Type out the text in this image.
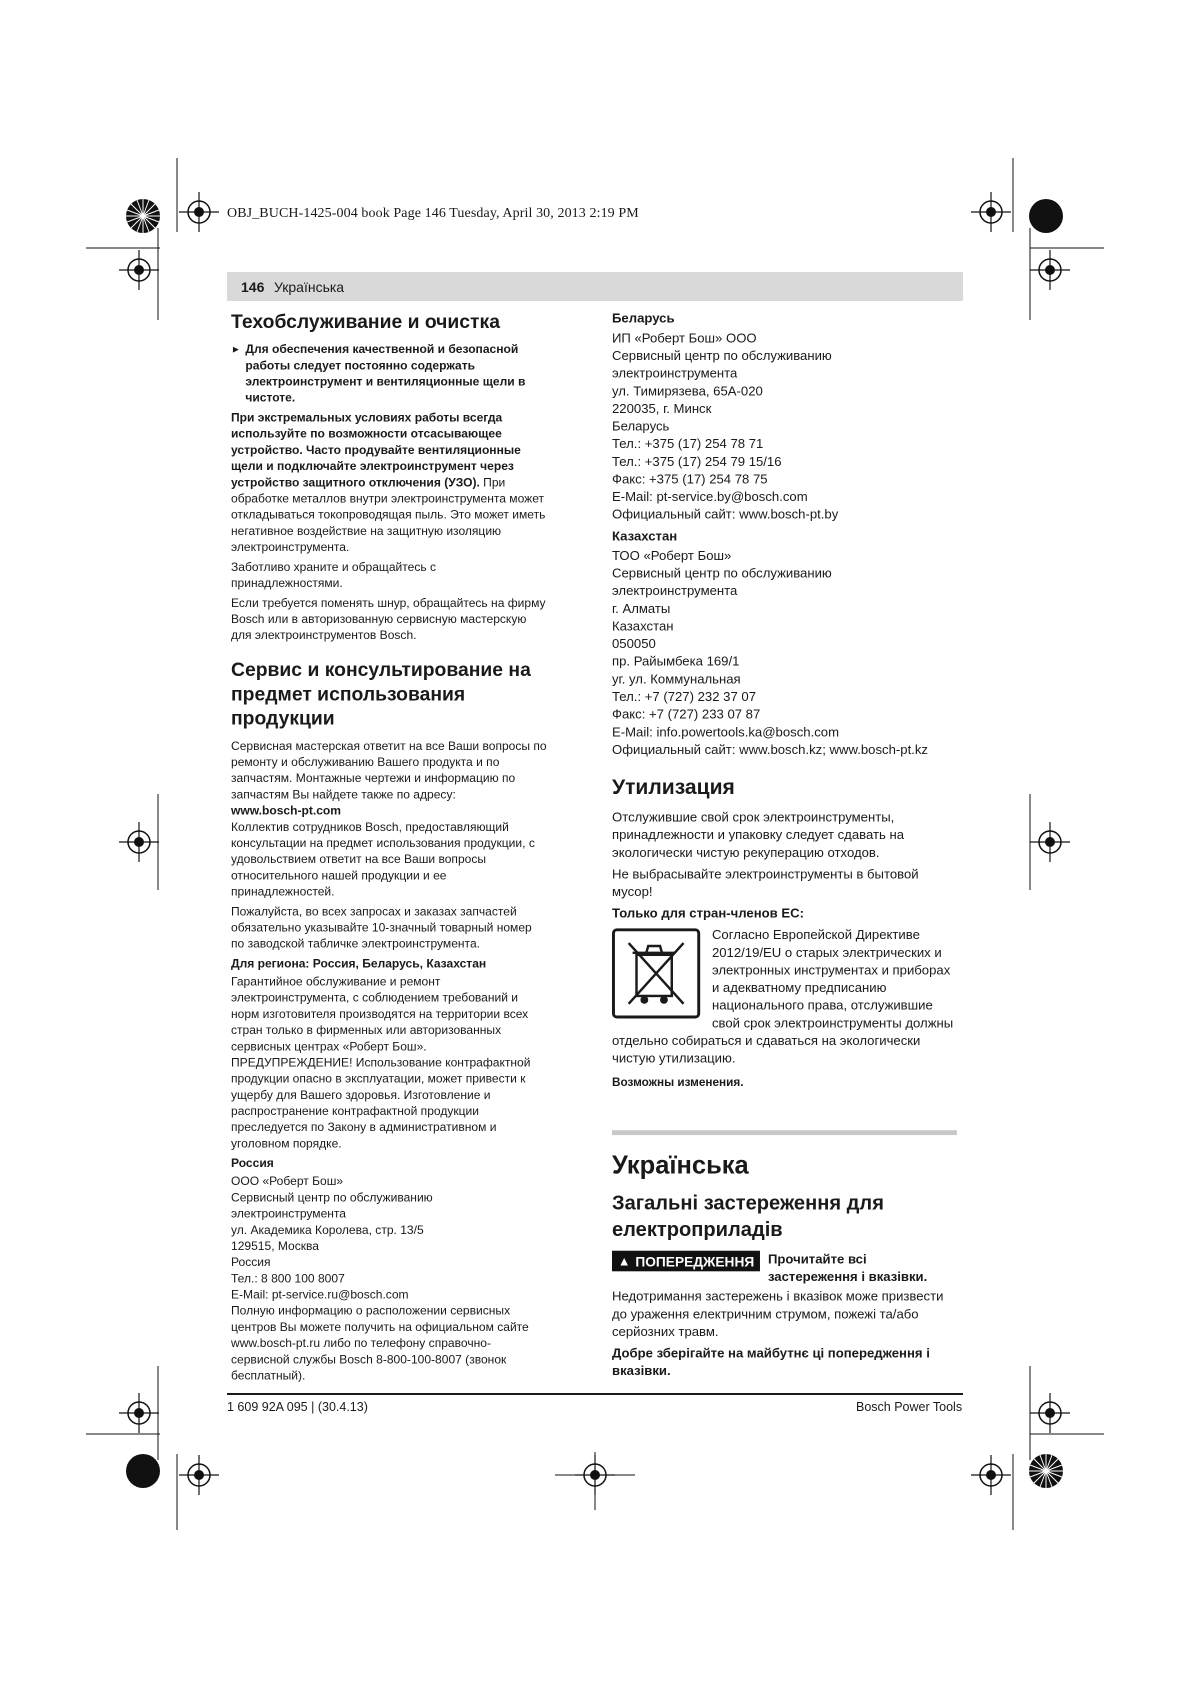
OBJ_BUCH-1425-004 book Page 146 Tuesday, April 30, 2013 2:19 PM
146 Українська
Техобслуживание и очистка
► Для обеспечения качественной и безопасной работы следует постоянно содержать электроинструмент и вентиляционные щели в чистоте.

При экстремальных условиях работы всегда используйте по возможности отсасывающее устройство. Часто продувайте вентиляционные щели и подключайте электроинструмент через устройство защитного отключения (УЗО). При обработке металлов внутри электроинструмента может откладываться токопроводящая пыль. Это может иметь негативное воздействие на защитную изоляцию электроинструмента.

Заботливо храните и обращайтесь с принадлежностями.

Если требуется поменять шнур, обращайтесь на фирму Bosch или в авторизованную сервисную мастерскую для электроинструментов Bosch.

Сервис и консультирование на предмет использования продукции

Сервисная мастерская ответит на все Ваши вопросы по ремонту и обслуживанию Вашего продукта и по запчастям. Монтажные чертежи и информацию по запчастям Вы найдете также по адресу:

www.bosch-pt.com

Коллектив сотрудников Bosch, предоставляющий консультации на предмет использования продукции, с удовольствием ответит на все Ваши вопросы относительного нашей продукции и ее принадлежностей.

Пожалуйста, во всех запросах и заказах запчастей обязательно указывайте 10-значный товарный номер по заводской табличке электроинструмента.

Для региона: Россия, Беларусь, Казахстан

Гарантийное обслуживание и ремонт электроинструмента, с соблюдением требований и норм изготовителя производятся на территории всех стран только в фирменных или авторизованных сервисных центрах «Роберт Бош».

ПРЕДУПРЕЖДЕНИЕ! Использование контрафактной продукции опасно в эксплуатации, может привести к ущербу для Вашего здоровья. Изготовление и распространение контрафактной продукции преследуется по Закону в административном и уголовном порядке.

Россия

ООО «Роберт Бош»
Сервисный центр по обслуживанию электроинструмента
ул. Академика Королева, стр. 13/5
129515, Москва
Россия
Тел.: 8 800 100 8007
E-Mail: pt-service.ru@bosch.com

Полную информацию о расположении сервисных центров Вы можете получить на официальном сайте www.bosch-pt.ru либо по телефону справочно-сервисной службы Bosch 8-800-100-8007 (звонок бесплатный).

Беларусь

ИП «Роберт Бош» ООО
Сервисный центр по обслуживанию электроинструмента
ул. Тимирязева, 65А-020
220035, г. Минск
Беларусь
Тел.: +375 (17) 254 78 71
Тел.: +375 (17) 254 79 15/16
Факс: +375 (17) 254 78 75
E-Mail: pt-service.by@bosch.com
Официальный сайт: www.bosch-pt.by

Казахстан

ТОО «Роберт Бош»
Сервисный центр по обслуживанию электроинструмента
г. Алматы
Казахстан
050050
пр. Райымбека 169/1
уг. ул. Коммунальная
Тел.: +7 (727) 232 37 07
Факс: +7 (727) 233 07 87
E-Mail: info.powertools.ka@bosch.com
Официальный сайт: www.bosch.kz; www.bosch-pt.kz
Утилизация

Отслужившие свой срок электроинструменты, принадлежности и упаковку следует сдавать на экологически чистую рекуперацию отходов.

Не выбрасывайте электроинструменты в бытовой мусор!

Только для стран-членов ЕС:

Согласно Европейской Директиве 2012/19/EU о старых электрических и электронных инструментах и приборах и адекватному предписанию национального права, отслужившие свой срок электроинструменты должны отдельно собираться и сдаваться на экологически чистую утилизацию.

Возможны изменения.

Українська
Загальні застереження для електроприладів
▲ ПОПЕРЕДЖЕННЯ Прочитайте всі застереження і вказівки.

Недотримання застережень і вказівок може призвести до ураження електричним струмом, пожежі та/або серйозних травм.

Добре зберігайте на майбутнє ці попередження і вказівки.

1 609 92A 095 | (30.4.13)	Bosch Power Tools
